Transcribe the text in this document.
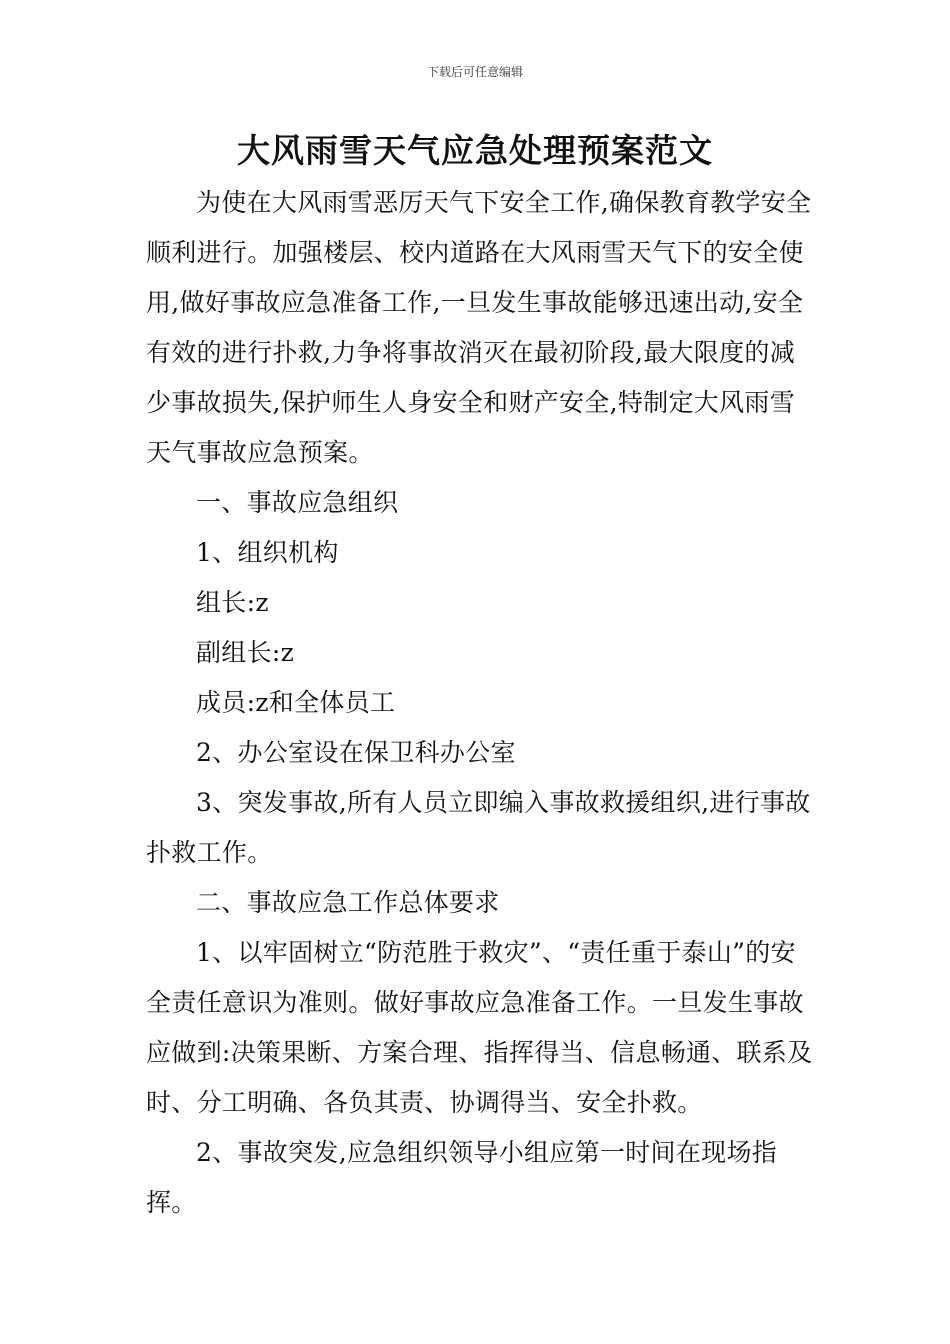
下载后可任意编辑
大风雨雪天气应急处理预案范文

为使在大风雨雪恶厉天气下安全工作,确保教育教学安全顺利进行。加强楼层、校内道路在大风雨雪天气下的安全使用,做好事故应急准备工作,一旦发生事故能够迅速出动,安全有效的进行扑救,力争将事故消灭在最初阶段,最大限度的减少事故损失,保护师生人身安全和财产安全,特制定大风雨雪天气事故应急预案。

一、事故应急组织

1、组织机构

组长:z

副组长:z

成员:z和全体员工

2、办公室设在保卫科办公室

3、突发事故,所有人员立即编入事故救援组织,进行事故扑救工作。

二、事故应急工作总体要求

1、以牢固树立“防范胜于救灾”、“责任重于泰山”的安全责任意识为准则。做好事故应急准备工作。一旦发生事故应做到:决策果断、方案合理、指挥得当、信息畅通、联系及时、分工明确、各负其责、协调得当、安全扑救。

2、事故突发,应急组织领导小组应第一时间在现场指挥。
